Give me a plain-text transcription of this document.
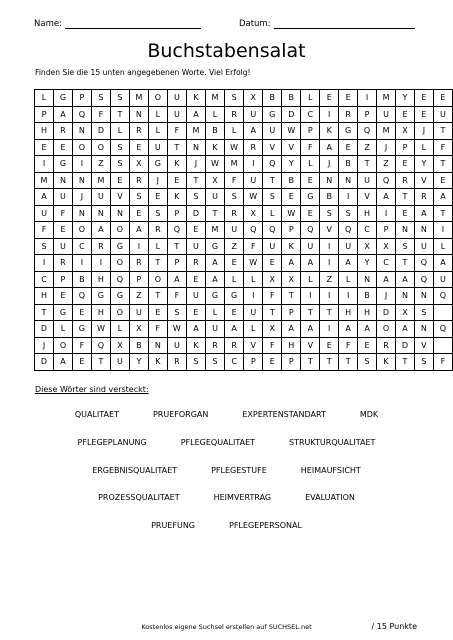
Name:	Datum:
Buchstabensalat
Finden Sie die 15 unten angegebenen Worte. Viel Erfolg!
L	G	P	S	S	M	O	U	K	M	S	X	B	B	L	E	E	I	M	Y	E	E
P	A	Q	F	T	N	L	U	A	L	R	U	G	D	C	I	R	P	U	E	E	U
H	R	N	D	L	R	L	F	M	B	L	A	U	W	P	K	G	Q	M	X	J	T
E	E	O	O	S	E	U	T	N	K	W	R	V	V	F	A	E	Z	J	P	L	F
I	G	I	Z	S	X	G	K	J	W	M	I	Q	Y	L	J	B	T	Z	E	Y	T
M	N	N	M	E	R	J	E	T	X	F	U	T	B	E	N	N	U	Q	R	V	E
A	U	J	U	V	S	E	K	S	U	S	W	S	E	G	B	I	V	A	T	R	A
U	F	N	N	N	E	S	P	D	T	R	X	L	W	E	S	S	H	I	E	A	T
F	E	O	A	O	A	R	Q	E	M	U	Q	Q	P	Q	V	Q	C	P	N	N	I
S	U	C	R	G	I	L	T	U	G	Z	F	U	K	U	I	U	X	X	S	U	L
I	R	I	I	O	R	T	P	R	A	E	W	E	A	A	I	A	Y	C	T	Q	A
C	P	B	H	Q	P	O	A	E	A	L	L	X	X	L	Z	L	N	A	A	Q	U
H	E	Q	G	G	Z	T	F	U	G	G	I	F	T	I	I	I	B	J	N	N	Q
T	G	E	H	O	U	E	S	E	L	E	U	T	P	T	T	H	H	D	X	S	
D	L	G	W	L	X	F	W	A	U	A	L	X	A	A	I	A	A	O	A	N	Q
J	O	F	Q	X	B	N	U	K	R	R	V	F	H	V	E	F	E	R	D	V	
D	A	E	T	U	Y	K	R	S	S	C	P	E	P	T	T	T	S	K	T	S	F
Diese Wörter sind versteckt:
QUALITAET	PRUEFORGAN	EXPERTENSTANDART	MDK
PFLEGEPLANUNG	PFLEGEQUALITAET	STRUKTURQUALITAET
ERGEBNISQUALITAET	PFLEGESTUFE	HEIMAUFSICHT
PROZESSQUALITAET	HEIMVERTRAG	EVALUATION
PRUEFUNG	PFLEGEPERSONAL
Kostenlos eigene Suchsel erstellen auf SUCHSEL.net	/ 15 Punkte
